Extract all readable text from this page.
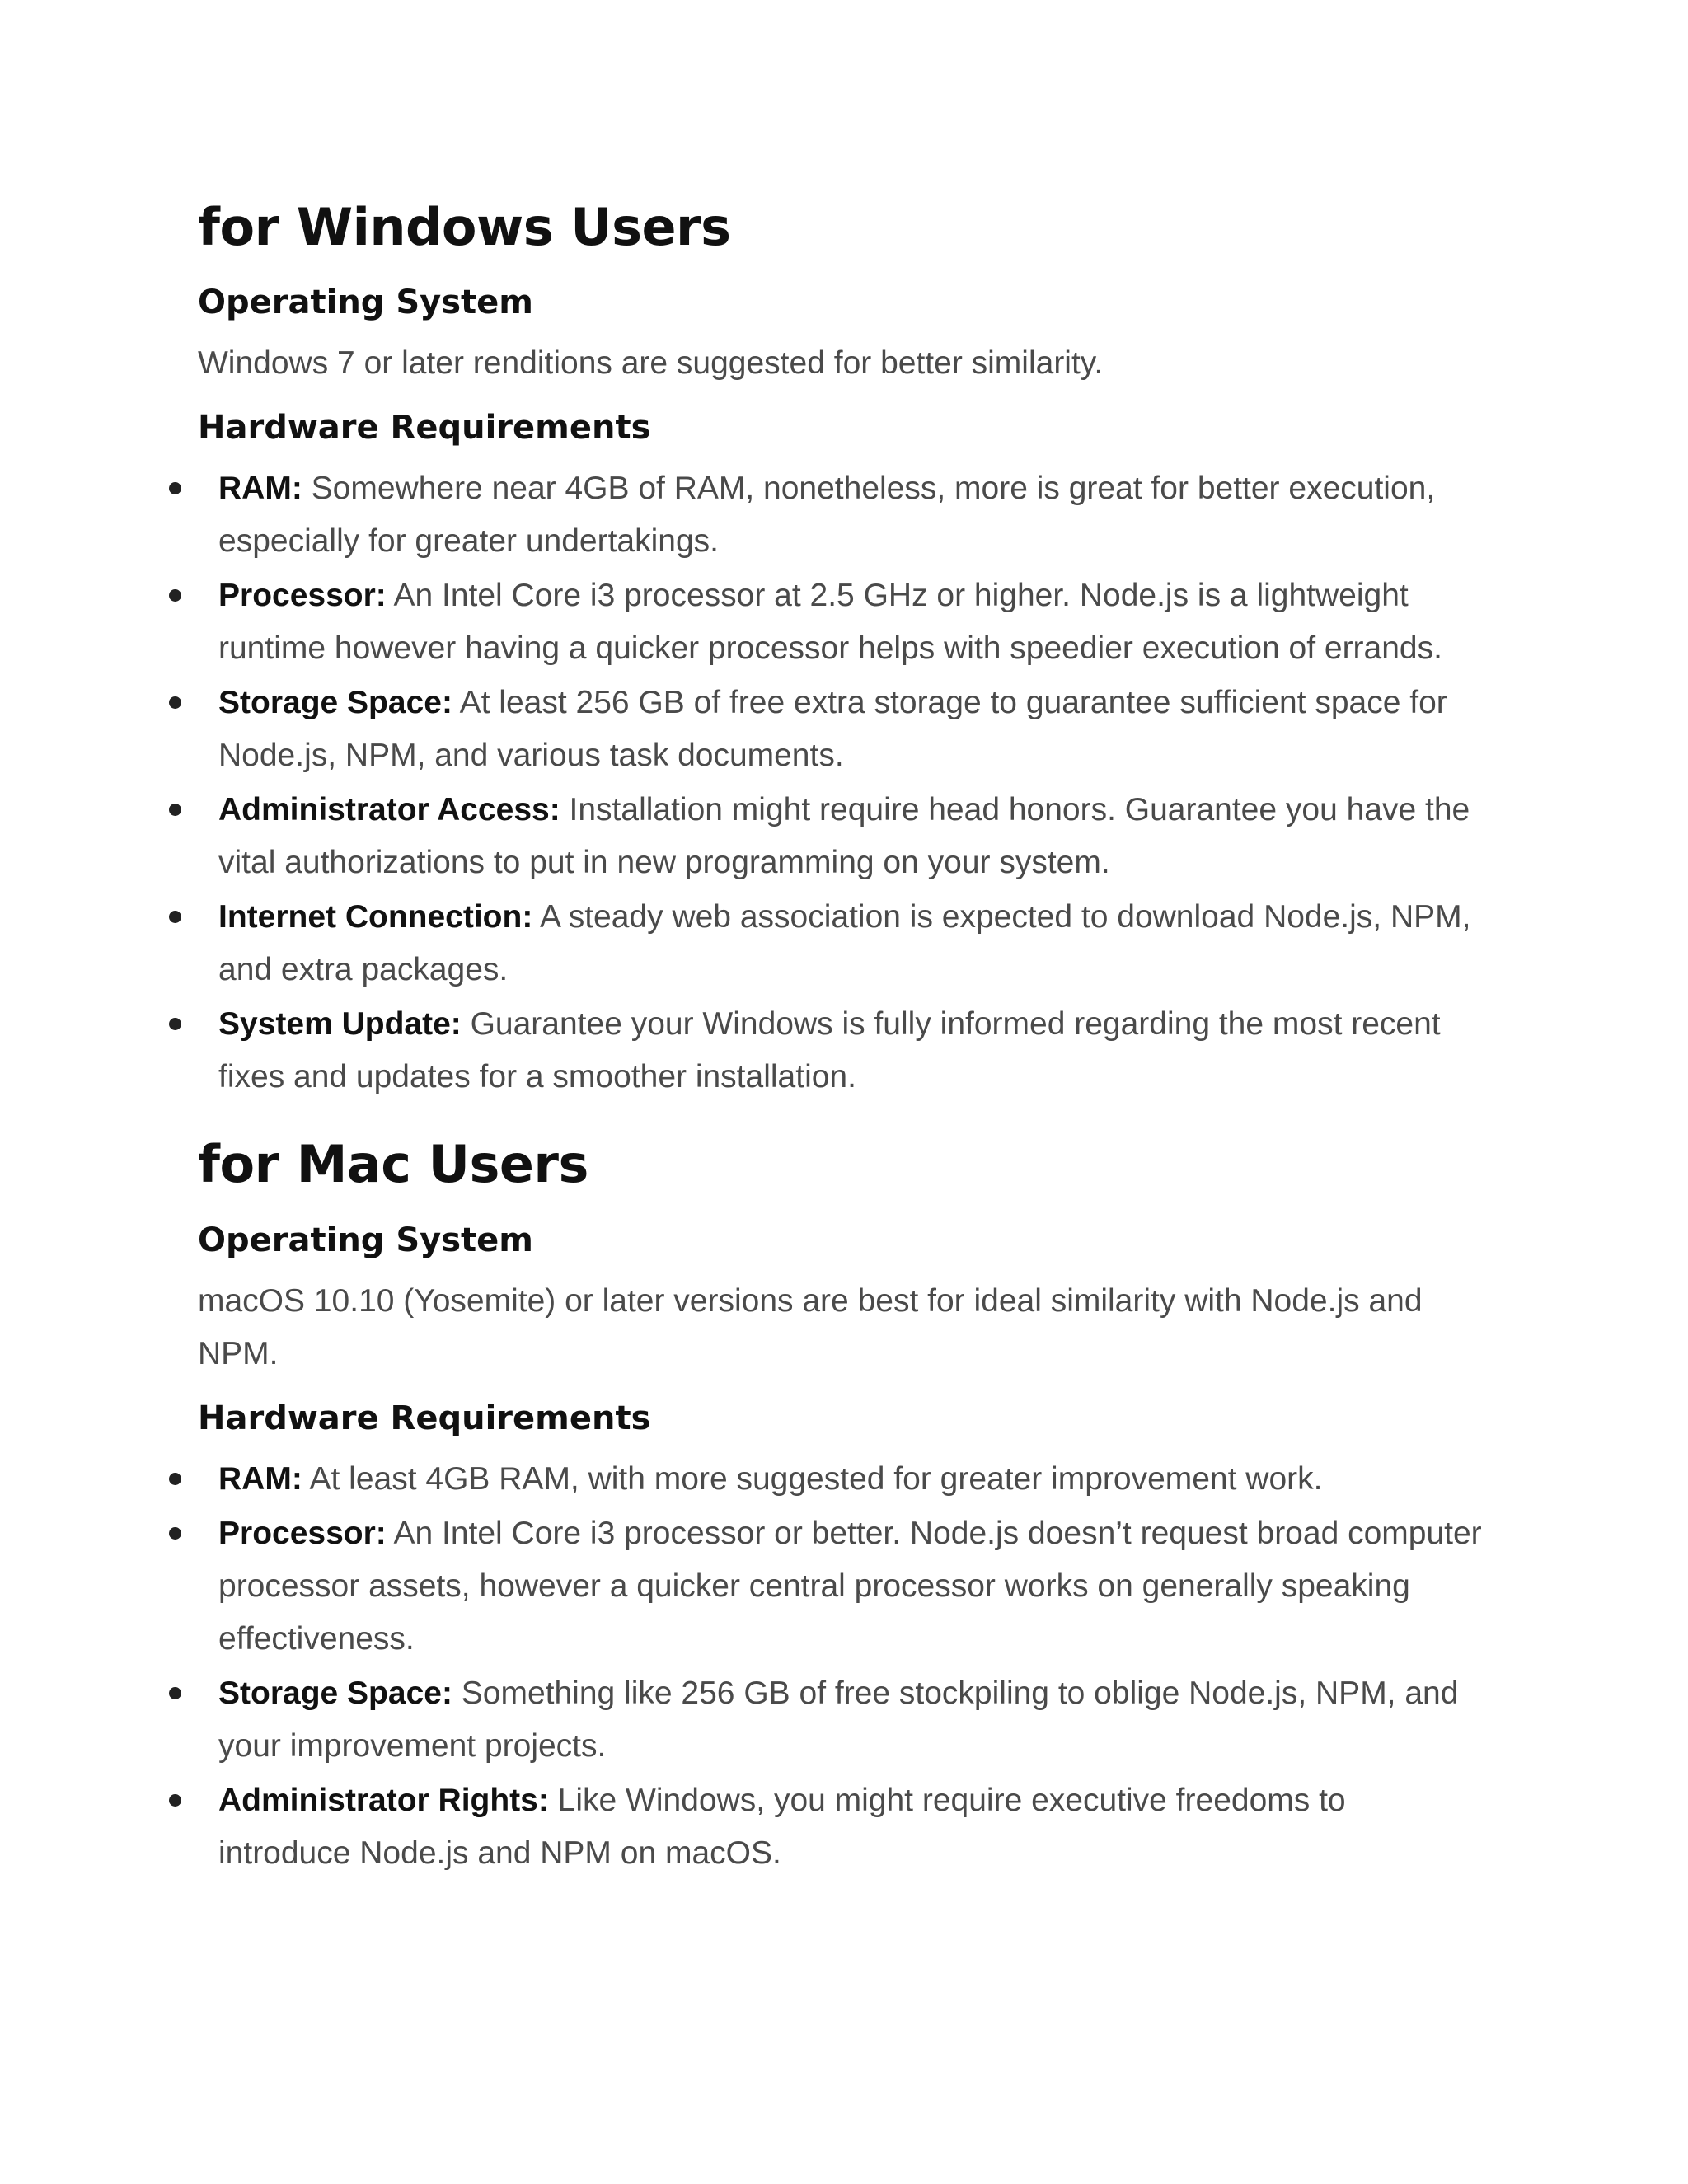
for Windows Users
Operating System

Windows 7 or later renditions are suggested for better similarity.

Hardware Requirements
RAM: Somewhere near 4GB of RAM, nonetheless, more is great for better execution, especially for greater undertakings.
Processor: An Intel Core i3 processor at 2.5 GHz or higher. Node.js is a lightweight runtime however having a quicker processor helps with speedier execution of errands.
Storage Space: At least 256 GB of free extra storage to guarantee sufficient space for Node.js, NPM, and various task documents.
Administrator Access: Installation might require head honors. Guarantee you have the vital authorizations to put in new programming on your system.
Internet Connection: A steady web association is expected to download Node.js, NPM, and extra packages.
System Update: Guarantee your Windows is fully informed regarding the most recent fixes and updates for a smoother installation.
for Mac Users
Operating System

macOS 10.10 (Yosemite) or later versions are best for ideal similarity with Node.js and NPM.

Hardware Requirements
RAM: At least 4GB RAM, with more suggested for greater improvement work.
Processor: An Intel Core i3 processor or better. Node.js doesn’t request broad computer processor assets, however a quicker central processor works on generally speaking effectiveness.
Storage Space: Something like 256 GB of free stockpiling to oblige Node.js, NPM, and your improvement projects.
Administrator Rights: Like Windows, you might require executive freedoms to introduce Node.js and NPM on macOS.
